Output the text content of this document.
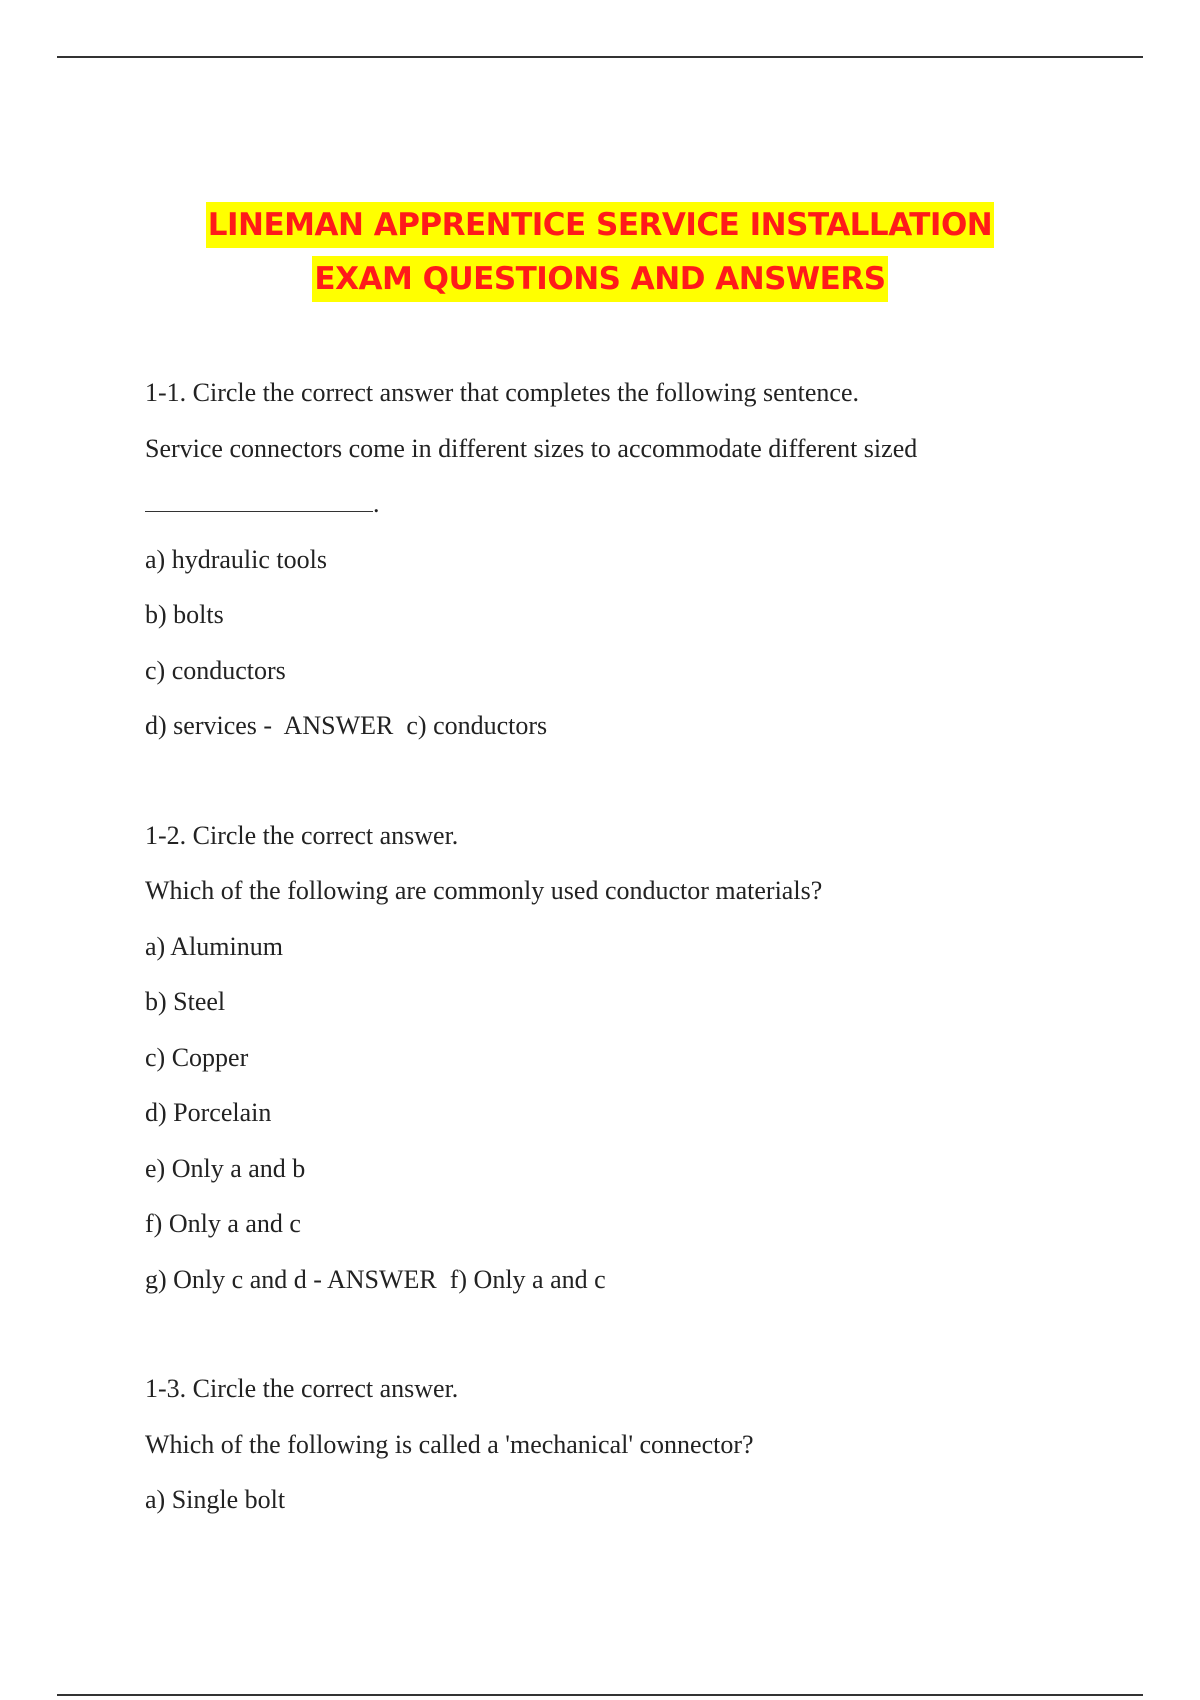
LINEMAN APPRENTICE SERVICE INSTALLATION
EXAM QUESTIONS AND ANSWERS
1-1. Circle the correct answer that completes the following sentence.
Service connectors come in different sizes to accommodate different sized
.
a) hydraulic tools
b) bolts
c) conductors
d) services -  ANSWER  c) conductors
1-2. Circle the correct answer.
Which of the following are commonly used conductor materials?
a) Aluminum
b) Steel
c) Copper
d) Porcelain
e) Only a and b
f) Only a and c
g) Only c and d - ANSWER  f) Only a and c
1-3. Circle the correct answer.
Which of the following is called a 'mechanical' connector?
a) Single bolt
